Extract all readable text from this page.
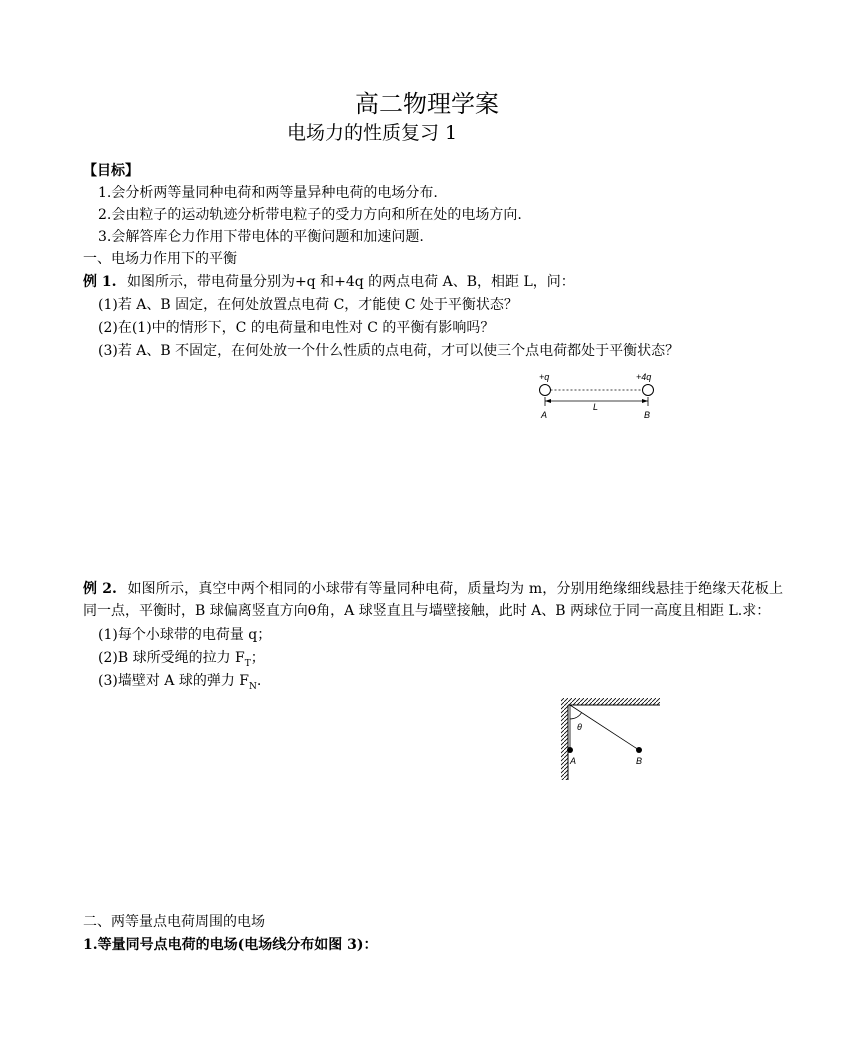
高二物理学案
电场力的性质复习 1
【目标】
1.会分析两等量同种电荷和两等量异种电荷的电场分布.
2.会由粒子的运动轨迹分析带电粒子的受力方向和所在处的电场方向.
3.会解答库仑力作用下带电体的平衡问题和加速问题.
一、电场力作用下的平衡
例 1. 如图所示，带电荷量分别为+q 和+4q 的两点电荷 A、B，相距 L，问：
(1)若 A、B 固定，在何处放置点电荷 C，才能使 C 处于平衡状态？
(2)在(1)中的情形下，C 的电荷量和电性对 C 的平衡有影响吗？
(3)若 A、B 不固定，在何处放一个什么性质的点电荷，才可以使三个点电荷都处于平衡状态？
+q	+4q
L
A	B
例 2. 如图所示，真空中两个相同的小球带有等量同种电荷，质量均为 m，分别用绝缘细线悬挂于绝缘天花板上同一点，平衡时，B 球偏离竖直方向θ角，A 球竖直且与墙壁接触，此时 A、B 两球位于同一高度且相距 L.求：
(1)每个小球带的电荷量 q；
(2)B 球所受绳的拉力 $F_T$；
(3)墙壁对 A 球的弹力 $F_N$.
θ
A	B
二、两等量点电荷周围的电场
1.等量同号点电荷的电场(电场线分布如图 3)：
